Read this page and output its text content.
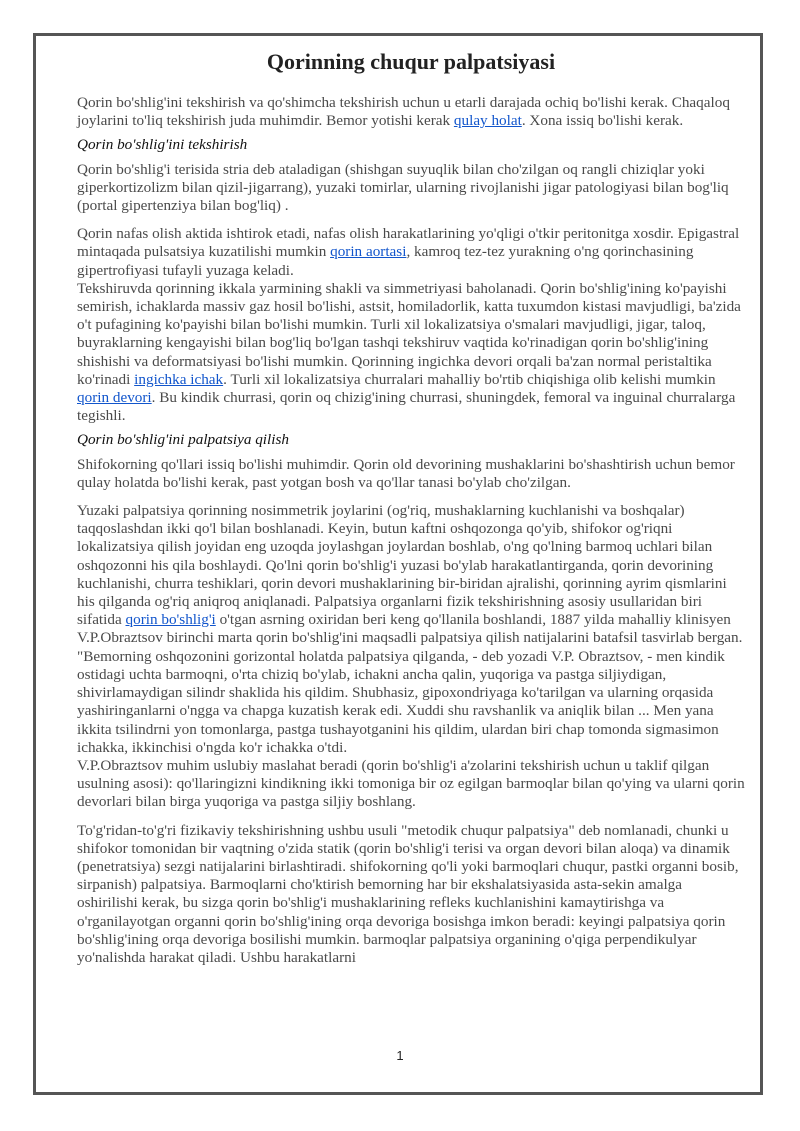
Qorinning chuqur palpatsiyasi

Qorin bo'shlig'ini tekshirish va qo'shimcha tekshirish uchun u etarli darajada ochiq bo'lishi kerak. Chaqaloq joylarini to'liq tekshirish juda muhimdir. Bemor yotishi kerak qulay holat. Xona issiq bo'lishi kerak.

Qorin bo'shlig'ini tekshirish

Qorin bo'shlig'i terisida stria deb ataladigan (shishgan suyuqlik bilan cho'zilgan oq rangli chiziqlar yoki giperkortizolizm bilan qizil-jigarrang), yuzaki tomirlar, ularning rivojlanishi jigar patologiyasi bilan bog'liq (portal gipertenziya bilan bog'liq) .

Qorin nafas olish aktida ishtirok etadi, nafas olish harakatlarining yo'qligi o'tkir peritonitga xosdir. Epigastral mintaqada pulsatsiya kuzatilishi mumkin qorin aortasi, kamroq tez-tez yurakning o'ng qorinchasining gipertrofiyasi tufayli yuzaga keladi.

Tekshiruvda qorinning ikkala yarmining shakli va simmetriyasi baholanadi. Qorin bo'shlig'ining ko'payishi semirish, ichaklarda massiv gaz hosil bo'lishi, astsit, homiladorlik, katta tuxumdon kistasi mavjudligi, ba'zida o't pufagining ko'payishi bilan bo'lishi mumkin. Turli xil lokalizatsiya o'smalari mavjudligi, jigar, taloq, buyraklarning kengayishi bilan bog'liq bo'lgan tashqi tekshiruv vaqtida ko'rinadigan qorin bo'shlig'ining shishishi va deformatsiyasi bo'lishi mumkin. Qorinning ingichka devori orqali ba'zan normal peristaltika ko'rinadi ingichka ichak. Turli xil lokalizatsiya churralari mahalliy bo'rtib chiqishiga olib kelishi mumkin qorin devori. Bu kindik churrasi, qorin oq chizig'ining churrasi, shuningdek, femoral va inguinal churralarga tegishli.

Qorin bo'shlig'ini palpatsiya qilish

Shifokorning qo'llari issiq bo'lishi muhimdir. Qorin old devorining mushaklarini bo'shashtirish uchun bemor qulay holatda bo'lishi kerak, past yotgan bosh va qo'llar tanasi bo'ylab cho'zilgan.

Yuzaki palpatsiya qorinning nosimmetrik joylarini (og'riq, mushaklarning kuchlanishi va boshqalar) taqqoslashdan ikki qo'l bilan boshlanadi. Keyin, butun kaftni oshqozonga qo'yib, shifokor og'riqni lokalizatsiya qilish joyidan eng uzoqda joylashgan joylardan boshlab, o'ng qo'lning barmoq uchlari bilan oshqozonni his qila boshlaydi. Qo'lni qorin bo'shlig'i yuzasi bo'ylab harakatlantirganda, qorin devorining kuchlanishi, churra teshiklari, qorin devori mushaklarining bir-biridan ajralishi, qorinning ayrim qismlarini his qilganda og'riq aniqroq aniqlanadi. Palpatsiya organlarni fizik tekshirishning asosiy usullaridan biri sifatida qorin bo'shlig'i o'tgan asrning oxiridan beri keng qo'llanila boshlandi, 1887 yilda mahalliy klinisyen V.P.Obraztsov birinchi marta qorin bo'shlig'ini maqsadli palpatsiya qilish natijalarini batafsil tasvirlab bergan. "Bemorning oshqozonini gorizontal holatda palpatsiya qilganda, - deb yozadi V.P. Obraztsov, - men kindik ostidagi uchta barmoqni, o'rta chiziq bo'ylab, ichakni ancha qalin, yuqoriga va pastga siljiydigan, shivirlamaydigan silindr shaklida his qildim. Shubhasiz, gipoxondriyaga ko'tarilgan va ularning orqasida yashiringanlarni o'ngga va chapga kuzatish kerak edi. Xuddi shu ravshanlik va aniqlik bilan ... Men yana ikkita tsilindrni yon tomonlarga, pastga tushayotganini his qildim, ulardan biri chap tomonda sigmasimon ichakka, ikkinchisi o'ngda ko'r ichakka o'tdi.

V.P.Obraztsov muhim uslubiy maslahat beradi (qorin bo'shlig'i a'zolarini tekshirish uchun u taklif qilgan usulning asosi): qo'llaringizni kindikning ikki tomoniga bir oz egilgan barmoqlar bilan qo'ying va ularni qorin devorlari bilan birga yuqoriga va pastga siljiy boshlang.

To'g'ridan-to'g'ri fizikaviy tekshirishning ushbu usuli "metodik chuqur palpatsiya" deb nomlanadi, chunki u shifokor tomonidan bir vaqtning o'zida statik (qorin bo'shlig'i terisi va organ devori bilan aloqa) va dinamik (penetratsiya) sezgi natijalarini birlashtiradi. shifokorning qo'li yoki barmoqlari chuqur, pastki organni bosib, sirpanish) palpatsiya. Barmoqlarni cho'ktirish bemorning har bir ekshalatsiyasida asta-sekin amalga oshirilishi kerak, bu sizga qorin bo'shlig'i mushaklarining refleks kuchlanishini kamaytirishga va o'rganilayotgan organni qorin bo'shlig'ining orqa devoriga bosishga imkon beradi: keyingi palpatsiya qorin bo'shlig'ining orqa devoriga bosilishi mumkin. barmoqlar palpatsiya organining o'qiga perpendikulyar yo'nalishda harakat qiladi. Ushbu harakatlarni

1
